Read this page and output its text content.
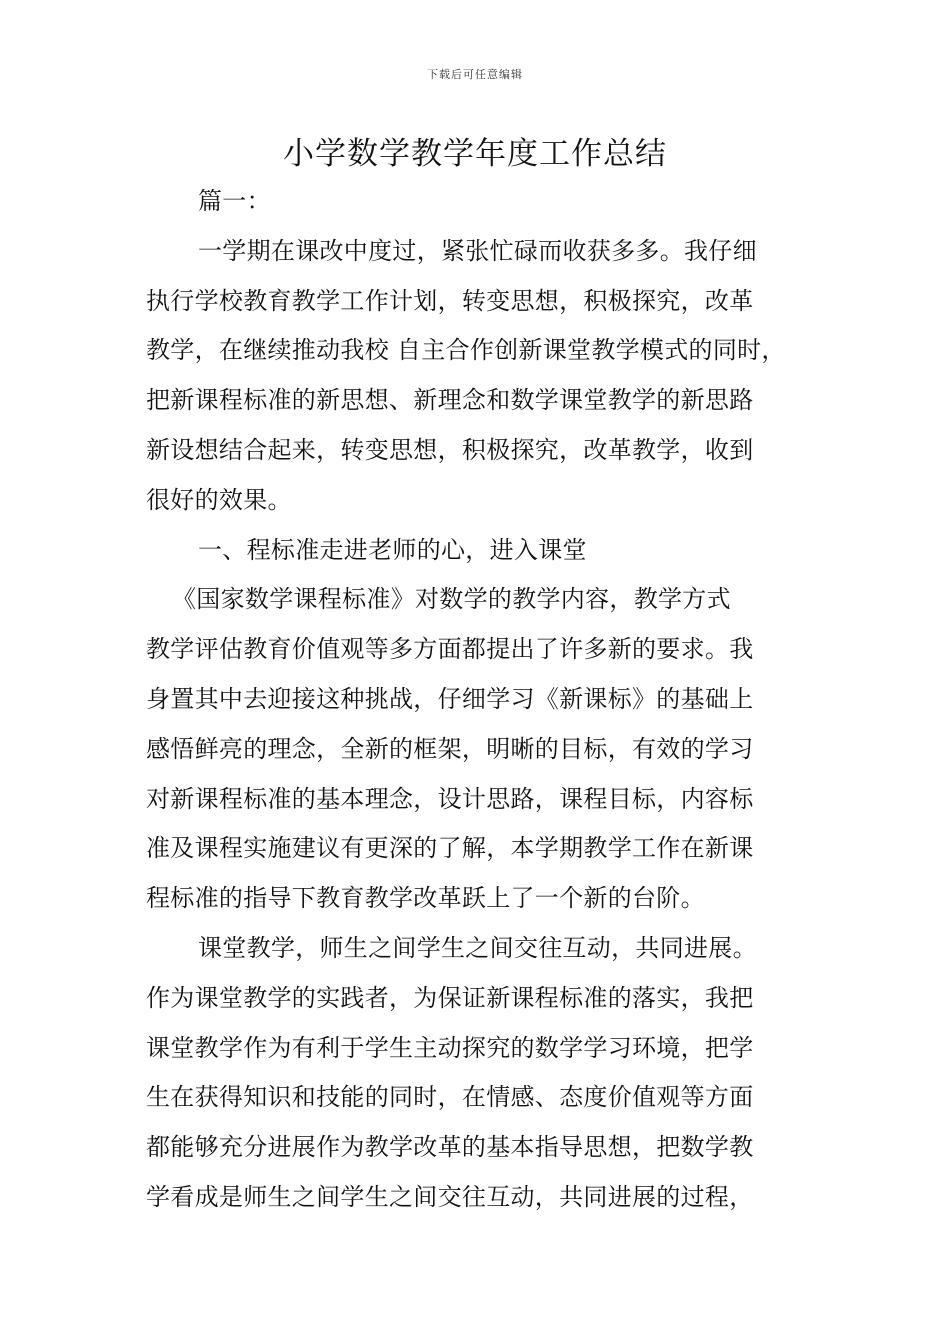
下载后可任意编辑
小学数学教学年度工作总结

篇一：

一学期在课改中度过，紧张忙碌而收获多多。我仔细
执行学校教育教学工作计划，转变思想，积极探究，改革
教学，在继续推动我校 自主合作创新课堂教学模式的同时，
把新课程标准的新思想、新理念和数学课堂教学的新思路
新设想结合起来，转变思想，积极探究，改革教学，收到
很好的效果。

一、程标准走进老师的心，进入课堂

《国家数学课程标准》对数学的教学内容，教学方式
教学评估教育价值观等多方面都提出了许多新的要求。我
身置其中去迎接这种挑战，仔细学习《新课标》的基础上
感悟鲜亮的理念，全新的框架，明晰的目标，有效的学习
对新课程标准的基本理念，设计思路，课程目标，内容标
准及课程实施建议有更深的了解，本学期教学工作在新课
程标准的指导下教育教学改革跃上了一个新的台阶。

课堂教学，师生之间学生之间交往互动，共同进展。
作为课堂教学的实践者，为保证新课程标准的落实，我把
课堂教学作为有利于学生主动探究的数学学习环境，把学
生在获得知识和技能的同时，在情感、态度价值观等方面
都能够充分进展作为教学改革的基本指导思想，把数学教
学看成是师生之间学生之间交往互动，共同进展的过程，
